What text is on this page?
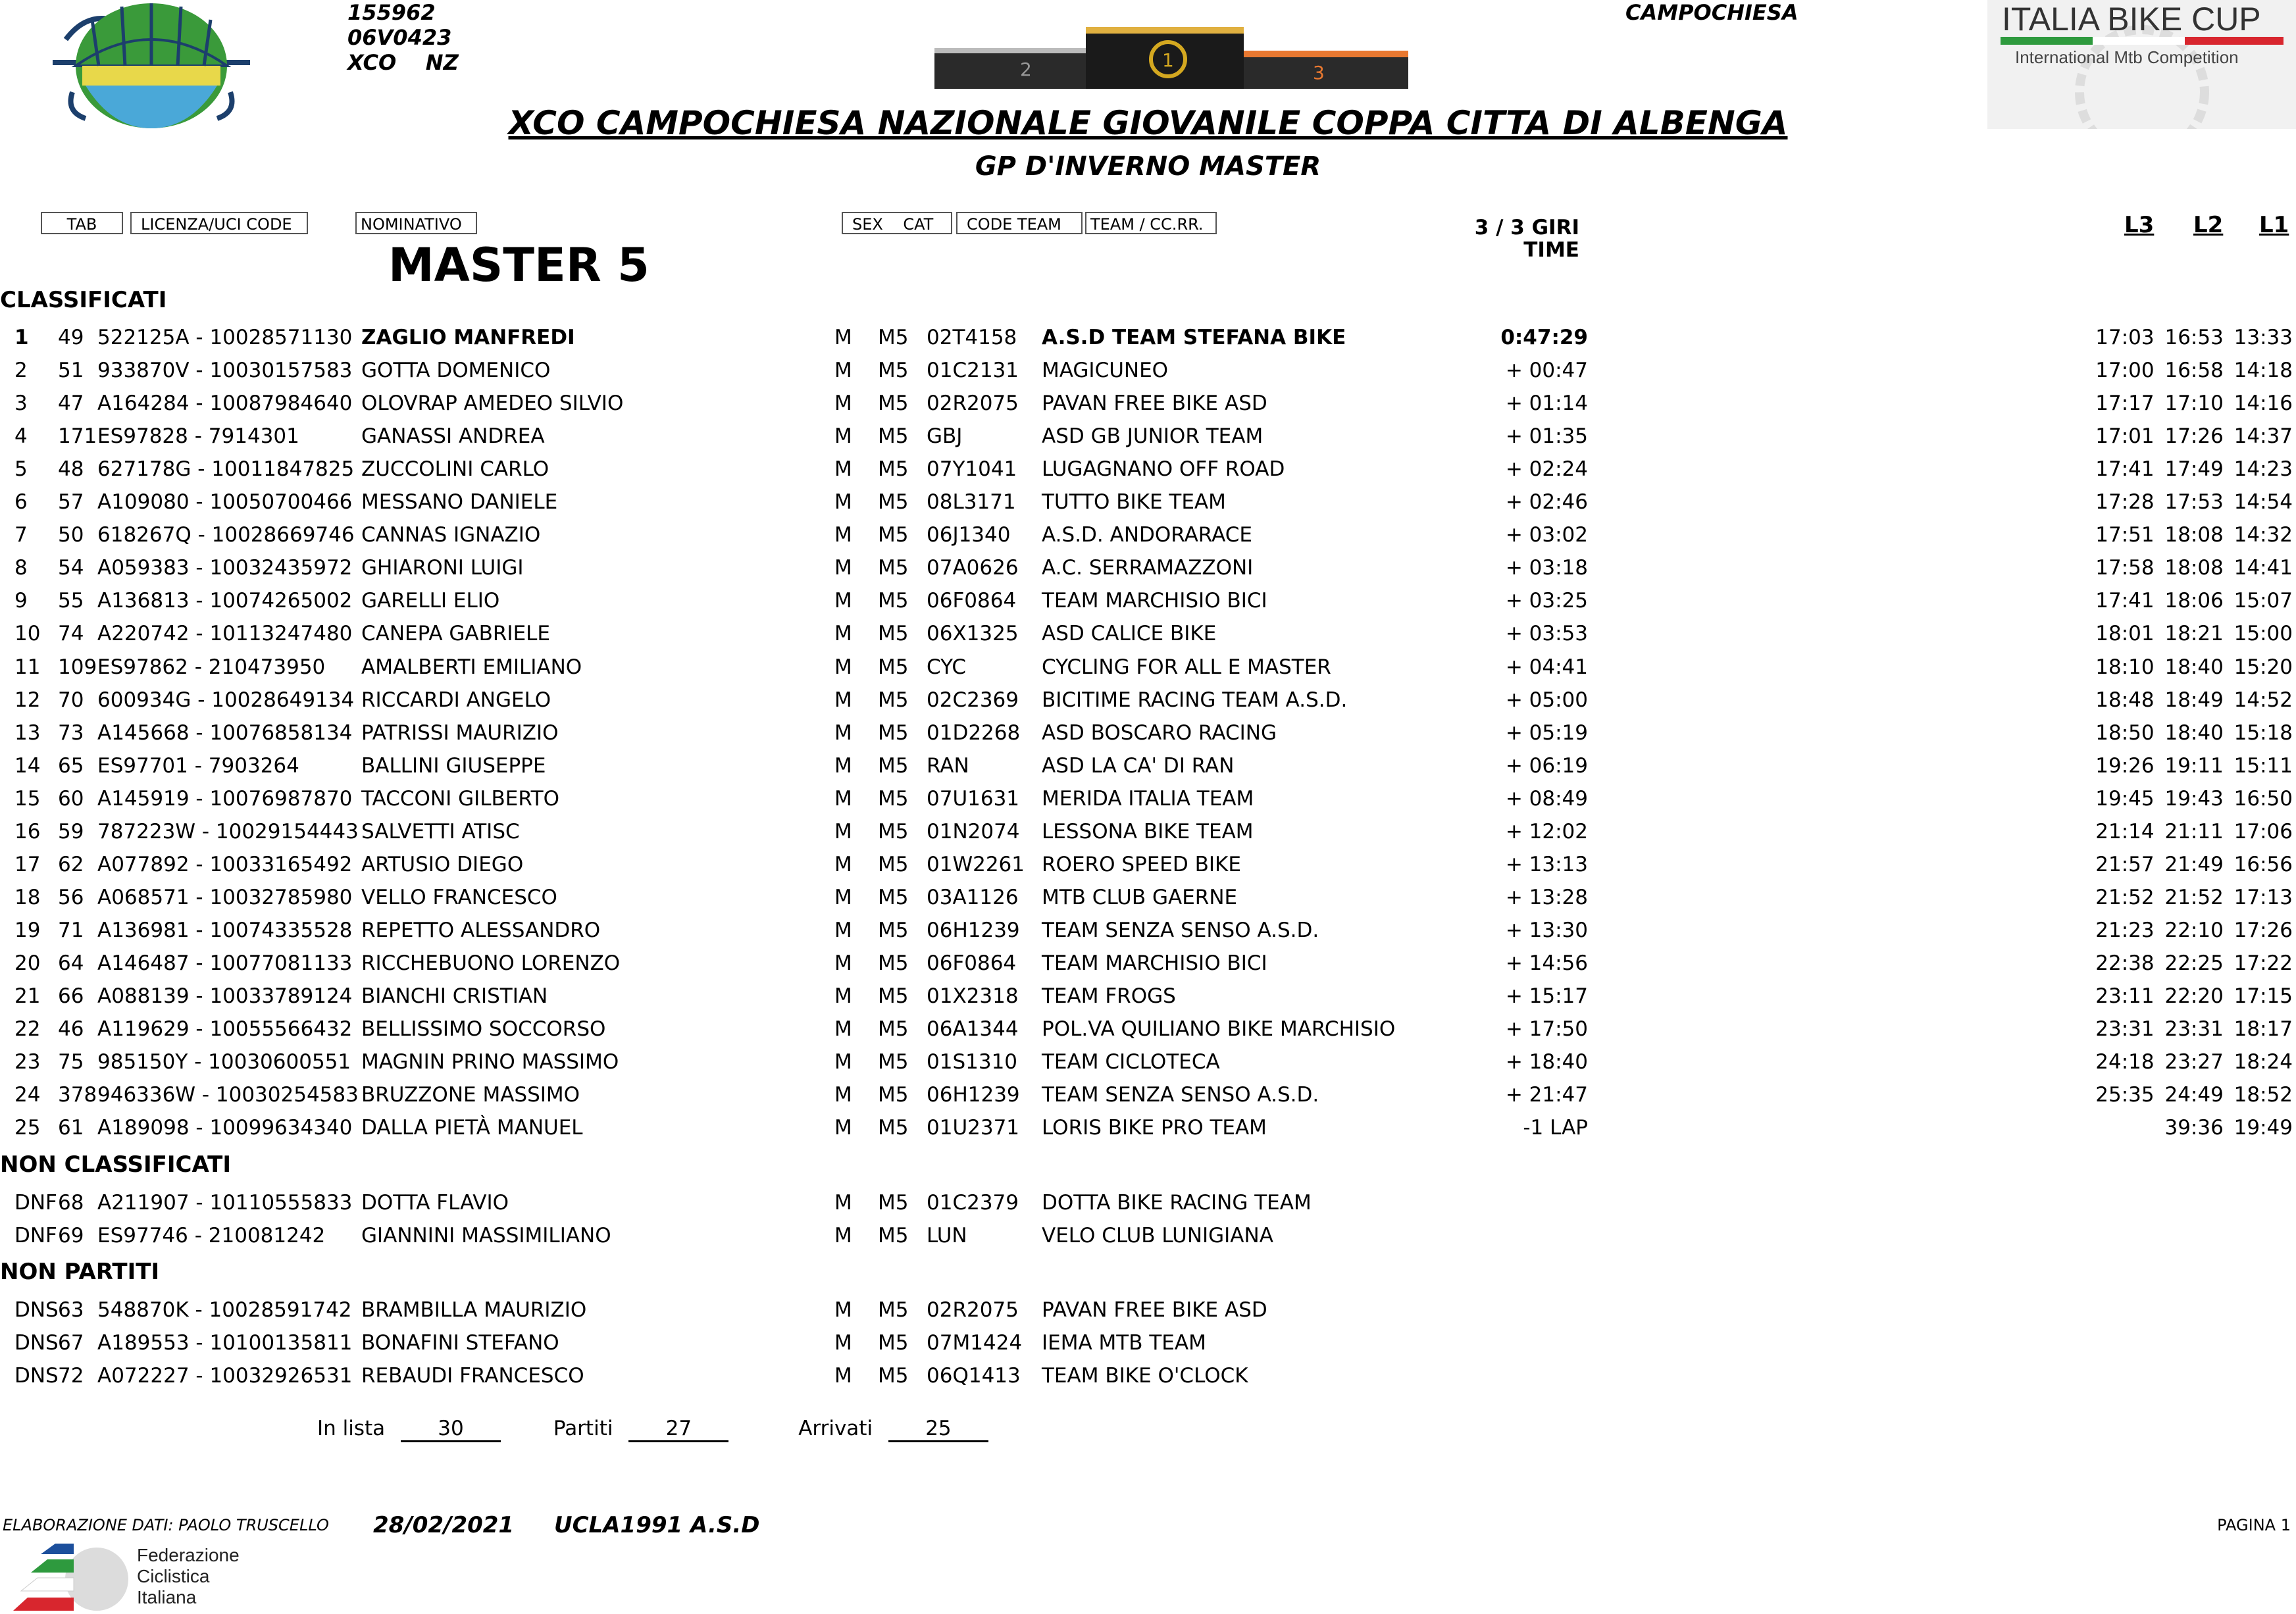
155962
06V0423
XCO    NZ	2	1
3
CAMPOCHIESA	ITALIA BIKE CUP
International Mtb Competition
XCO CAMPOCHIESA NAZIONALE GIOVANILE COPPA CITTA DI ALBENGA
GP D'INVERNO MASTER
TAB	LICENZA/UCI CODE	NOMINATIVO	SEX    CAT	CODE TEAM	TEAM / CC.RR.	3 / 3 GIRI
TIME
L3 L2 L1
MASTER 5
CLASSIFICATI
1 49 522125A - 10028571130 ZAGLIO MANFREDI	M M5 02T4158 A.S.D TEAM STEFANA BIKE	0:47:29	17:03 16:53 13:33
2 51 933870V - 10030157583 GOTTA DOMENICO	M M5 01C2131 MAGICUNEO	+ 00:47	17:00 16:58 14:18
3 47 A164284 - 10087984640 OLOVRAP AMEDEO SILVIO	M M5 02R2075 PAVAN FREE BIKE ASD	+ 01:14	17:17 17:10 14:16
4 171 ES97828 - 7914301	GANASSI ANDREA	M M5 GBJ	ASD GB JUNIOR TEAM	+ 01:35	17:01 17:26 14:37
5 48 627178G - 10011847825 ZUCCOLINI CARLO	M M5 07Y1041 LUGAGNANO OFF ROAD	+ 02:24	17:41 17:49 14:23
6 57 A109080 - 10050700466 MESSANO DANIELE	M M5 08L3171 TUTTO BIKE TEAM	+ 02:46	17:28 17:53 14:54
7 50 618267Q - 10028669746 CANNAS IGNAZIO	M M5 06J1340 A.S.D. ANDORARACE	+ 03:02	17:51 18:08 14:32
8 54 A059383 - 10032435972 GHIARONI LUIGI	M M5 07A0626 A.C. SERRAMAZZONI	+ 03:18	17:58 18:08 14:41
9 55 A136813 - 10074265002 GARELLI ELIO	M M5 06F0864 TEAM MARCHISIO BICI	+ 03:25	17:41 18:06 15:07
10 74 A220742 - 10113247480 CANEPA GABRIELE	M M5 06X1325 ASD CALICE BIKE	+ 03:53	18:01 18:21 15:00
11 109 ES97862 - 210473950 AMALBERTI EMILIANO	M M5 CYC	CYCLING FOR ALL E MASTER	+ 04:41	18:10 18:40 15:20
12 70 600934G - 10028649134 RICCARDI ANGELO	M M5 02C2369 BICITIME RACING TEAM A.S.D.	+ 05:00	18:48 18:49 14:52
13 73 A145668 - 10076858134 PATRISSI MAURIZIO	M M5 01D2268 ASD BOSCARO RACING	+ 05:19	18:50 18:40 15:18
14 65 ES97701 - 7903264	BALLINI GIUSEPPE	M M5 RAN	ASD LA CA' DI RAN	+ 06:19	19:26 19:11 15:11
15 60 A145919 - 10076987870 TACCONI GILBERTO	M M5 07U1631 MERIDA ITALIA TEAM	+ 08:49	19:45 19:43 16:50
16 59 787223W - 10029154443 SALVETTI ATISC	M M5 01N2074 LESSONA BIKE TEAM	+ 12:02	21:14 21:11 17:06
17 62 A077892 - 10033165492 ARTUSIO DIEGO	M M5 01W2261 ROERO SPEED BIKE	+ 13:13	21:57 21:49 16:56
18 56 A068571 - 10032785980 VELLO FRANCESCO	M M5 03A1126 MTB CLUB GAERNE	+ 13:28	21:52 21:52 17:13
19 71 A136981 - 10074335528 REPETTO ALESSANDRO	M M5 06H1239 TEAM SENZA SENSO A.S.D.	+ 13:30	21:23 22:10 17:26
20 64 A146487 - 10077081133 RICCHEBUONO LORENZO	M M5 06F0864 TEAM MARCHISIO BICI	+ 14:56	22:38 22:25 17:22
21 66 A088139 - 10033789124 BIANCHI CRISTIAN	M M5 01X2318 TEAM FROGS	+ 15:17	23:11 22:20 17:15
22 46 A119629 - 10055566432 BELLISSIMO SOCCORSO	M M5 06A1344 POL.VA QUILIANO BIKE MARCHISIO	+ 17:50	23:31 23:31 18:17
23 75 985150Y - 10030600551 MAGNIN PRINO MASSIMO	M M5 01S1310 TEAM CICLOTECA	+ 18:40	24:18 23:27 18:24
24 378 946336W - 10030254583 BRUZZONE MASSIMO	M M5 06H1239 TEAM SENZA SENSO A.S.D.	+ 21:47	25:35 24:49 18:52
25 61 A189098 - 10099634340 DALLA PIETÀ MANUEL	M M5 01U2371 LORIS BIKE PRO TEAM	-1 LAP	39:36 19:49
NON CLASSIFICATI
DNF 68 A211907 - 10110555833 DOTTA FLAVIO	M M5 01C2379 DOTTA BIKE RACING TEAM
DNF 69 ES97746 - 210081242 GIANNINI MASSIMILIANO	M M5 LUN	VELO CLUB LUNIGIANA
NON PARTITI
DNS 63 548870K - 10028591742 BRAMBILLA MAURIZIO	M M5 02R2075 PAVAN FREE BIKE ASD
DNS 67 A189553 - 10100135811 BONAFINI STEFANO	M M5 07M1424 IEMA MTB TEAM
DNS 72 A072227 - 10032926531 REBAUDI FRANCESCO	M M5 06Q1413 TEAM BIKE O'CLOCK
In lista	30	Partiti	27	Arrivati	25
ELABORAZIONE DATI: PAOLO TRUSCELLO 28/02/2021 UCLA1991 A.S.D	PAGINA 1
Federazione
Ciclistica
Italiana
